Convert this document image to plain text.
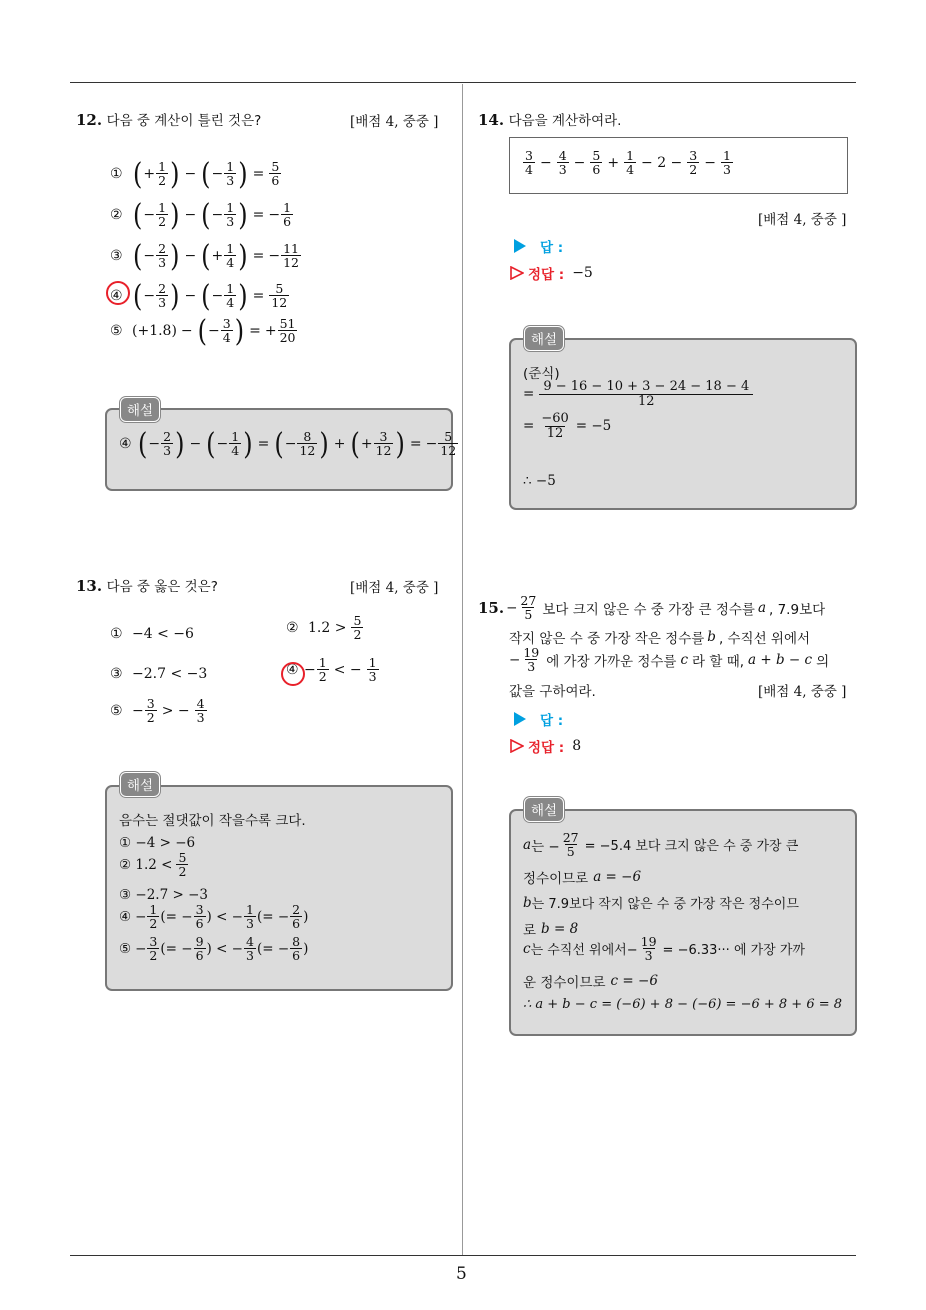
5
12. 다음 중 계산이 틀린 것은?	[배점 4, 중중 ]
① ( + $\frac{1}{2}$ ) − ( − $\frac{1}{3}$ ) = $\frac{5}{6}$
② ( − $\frac{1}{2}$ ) − ( − $\frac{1}{3}$ ) = − $\frac{1}{6}$
③ ( − $\frac{2}{3}$ ) − ( + $\frac{1}{4}$ ) = − $\frac{11}{12}$
④ ( − $\frac{2}{3}$ ) − ( − $\frac{1}{4}$ ) = $\frac{5}{12}$
⑤ (+1.8) − ( − $\frac{3}{4}$ ) = + $\frac{51}{20}$
④ ( − $\frac{2}{3}$ ) − ( − $\frac{1}{4}$ ) = ( − $\frac{8}{12}$ ) + ( + $\frac{3}{12}$ ) = − $\frac{5}{12}$
해설
13. 다음 중 옳은 것은?	[배점 4, 중중 ]
① −4 < −6	② $1.2 > \frac{5}{2}$
③ −2.7 < −3	④ − $\frac{1}{2}$ < − $\frac{1}{3}$
⑤ − $\frac{3}{2}$ > − $\frac{4}{3}$
음수는 절댓값이 작을수록 크다.
① −4 > −6
② $1.2 < \frac{5}{2}$
③ −2.7 > −3
④ − $\frac{1}{2}$ (= − $\frac{3}{6}$ ) < − $\frac{1}{3}$ (= − $\frac{2}{6}$ )
⑤ − $\frac{3}{2}$ (= − $\frac{9}{6}$ ) < − $\frac{4}{3}$ (= − $\frac{8}{6}$ )
해설
14. 다음을 계산하여라.
$\frac{3}{4} - \frac{4}{3} - \frac{5}{6} + \frac{1}{4} - 2 - \frac{3}{2} - \frac{1}{3}$
[배점 4, 중중 ]
답 :
정답 : −5
(준식)
= $\frac{9 - 16 - 10 + 3 - 24 - 18 - 4}{12}$
= $\frac{-60}{12} = -5$
∴ −5
해설
15. − $\frac{27}{5}$ 보다 크지 않은 수 중 가장 큰 정수를 a , 7.9보다
작지 않은 수 중 가장 작은 정수를 b , 수직선 위에서
− $\frac{19}{3}$ 에 가장 가까운 정수를 c 라 할 때, a + b − c 의
값을 구하여라.	[배점 4, 중중 ]
답 :
정답 : 8
a 는 − $\frac{27}{5} = -5.4$ 보다 크지 않은 수 중 가장 큰
정수이므로 a = −6
b 는 7.9보다 작지 않은 수 중 가장 작은 정수이므
로 b = 8
c 는 수직선 위에서− $\frac{19}{3} = -6.33\cdot\cdot\cdot$ 에 가장 가까
운 정수이므로 c = −6
∴ a + b − c = (−6) + 8 − (−6) = −6 + 8 + 6 = 8
해설
